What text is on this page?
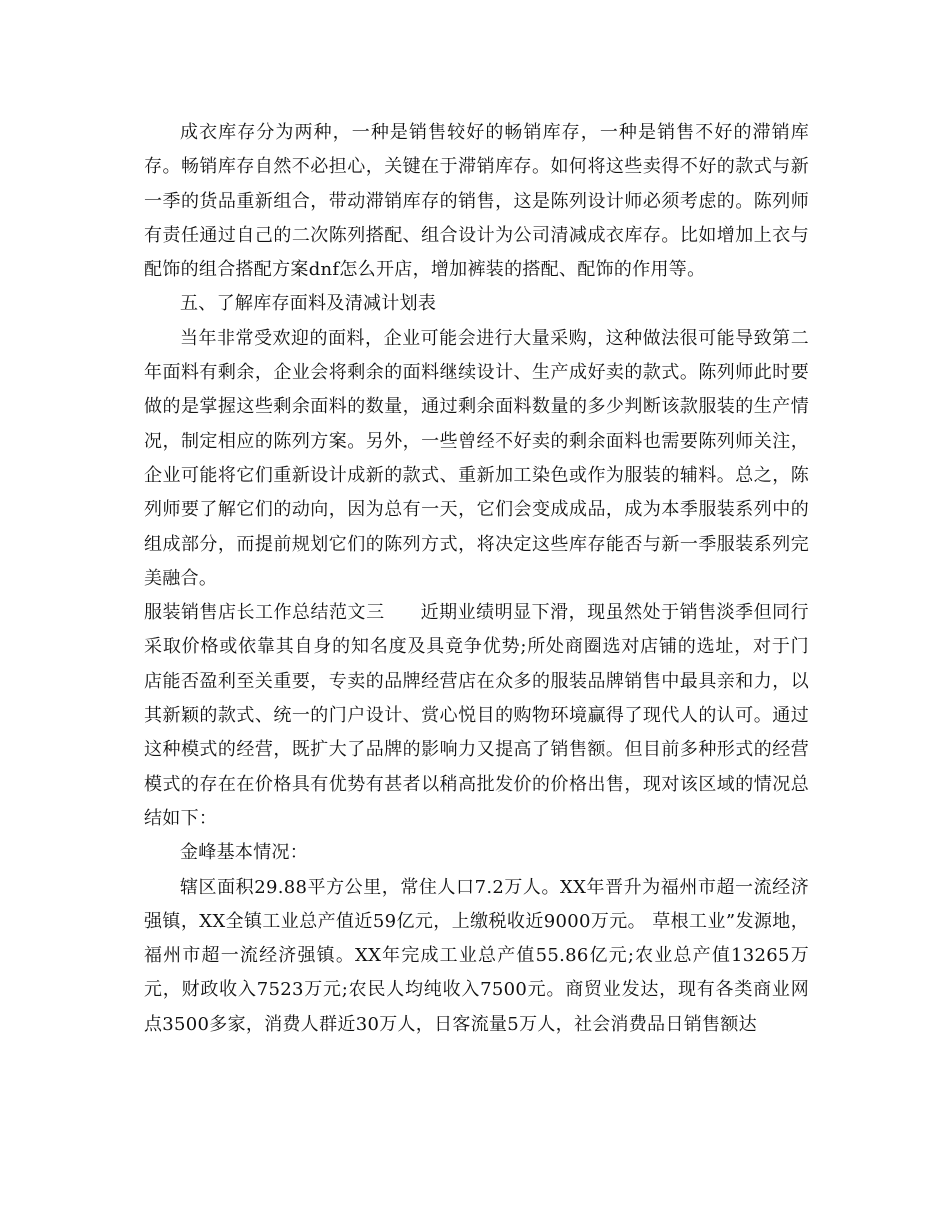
成衣库存分为两种，一种是销售较好的畅销库存，一种是销售不好的滞销库存。畅销库存自然不必担心，关键在于滞销库存。如何将这些卖得不好的款式与新一季的货品重新组合，带动滞销库存的销售，这是陈列设计师必须考虑的。陈列师有责任通过自己的二次陈列搭配、组合设计为公司清减成衣库存。比如增加上衣与配饰的组合搭配方案dnf怎么开店，增加裤装的搭配、配饰的作用等。

五、了解库存面料及清减计划表

当年非常受欢迎的面料，企业可能会进行大量采购，这种做法很可能导致第二年面料有剩余，企业会将剩余的面料继续设计、生产成好卖的款式。陈列师此时要做的是掌握这些剩余面料的数量，通过剩余面料数量的多少判断该款服装的生产情况，制定相应的陈列方案。另外，一些曾经不好卖的剩余面料也需要陈列师关注，企业可能将它们重新设计成新的款式、重新加工染色或作为服装的辅料。总之，陈列师要了解它们的动向，因为总有一天，它们会变成成品，成为本季服装系列中的组成部分，而提前规划它们的陈列方式，将决定这些库存能否与新一季服装系列完美融合。

服装销售店长工作总结范文三 近期业绩明显下滑，现虽然处于销售淡季但同行采取价格或依靠其自身的知名度及具竟争优势;所处商圈选对店铺的选址，对于门店能否盈利至关重要，专卖的品牌经营店在众多的服装品牌销售中最具亲和力，以其新颖的款式、统一的门户设计、赏心悦目的购物环境赢得了现代人的认可。通过这种模式的经营，既扩大了品牌的影响力又提高了销售额。但目前多种形式的经营模式的存在在价格具有优势有甚者以稍高批发价的价格出售，现对该区域的情况总结如下：

金峰基本情况：

辖区面积29.88平方公里，常住人口7.2万人。XX年晋升为福州市超一流经济强镇，XX全镇工业总产值近59亿元，上缴税收近9000万元。 草根工业”发源地，福州市超一流经济强镇。XX年完成工业总产值55.86亿元;农业总产值13265万元，财政收入7523万元;农民人均纯收入7500元。商贸业发达，现有各类商业网点3500多家，消费人群近30万人，日客流量5万人，社会消费品日销售额达
